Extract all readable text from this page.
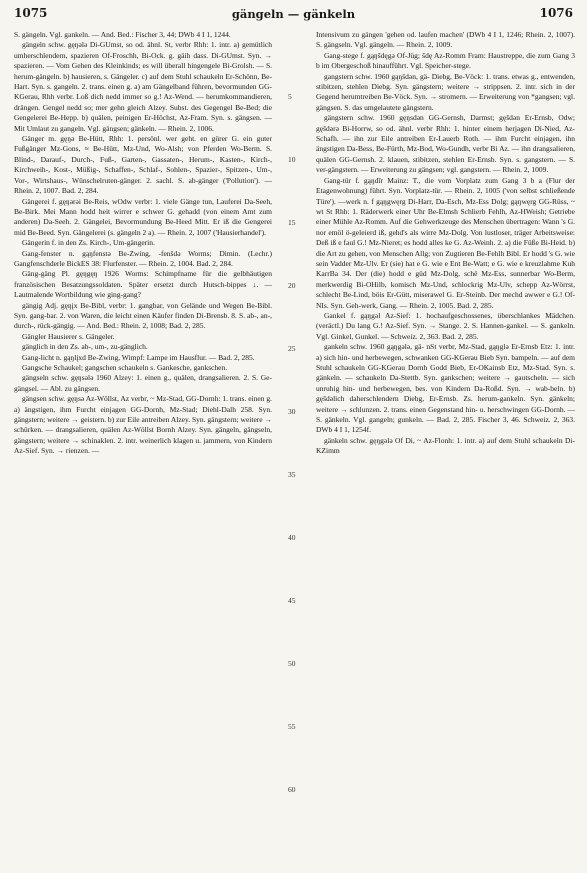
1075	gängeln — gänkeln	1076

S. gängeln. Vgl. gankeln. — And. Bed.: Fischer 3, 44; DWb 4 I 1, 1244.

gängeln schw. gęŋǝlǝ Di-GUmst, so od. ähnl. St, verbr Rhh: 1. intr. a) gemütlich umherschlendern, spazieren Of-Froschh, Bi-Ock. g. gäih dass. Di-GUmst. Syn. → spazieren. — Vom Gehen des Kleinkinds; es will überall hingengele Bi-Grolsh. — S. herum-gängeln. b) hausieren, s. Gängeler. c) auf dem Stuhl schaukeln Er-Schönn, Be-Hart. Syn. s. gangeln. 2. trans. einen g. a) am Gängelband führen, bevormunden GG-KGerau, Rhh verbr. Loß dich nedd immer so g.! Az-Wend. — herumkommandieren, drängen. Gengel nedd so; mer gehn gleich Alzey. Subst. des Gegengel Be-Bed; die Gengelerei Be-Hepp. b) quälen, peinigen Er-Höchst, Az-Fram. Syn. s. gängsen. — Mit Umlaut zu gangeln. Vgl. gängsen; gänkeln. — Rhein. 2, 1006.

Gänger m. gęŋǝ Be-Hütt, Rhh: 1. persönl. wer geht. en gürer G. ein guter Fußgänger Mz-Gons, ≈ Be-Hütt, Mz-Und, Wo-Alsh; von Pferden Wo-Berm. S. Blind-, Darauf-, Durch-, Fuß-, Garten-, Gassaten-, Herum-, Kasten-, Kirch-, Kirchweih-, Kost-, Müßig-, Schaffen-, Schlaf-, Sohlen-, Spazier-, Spitzen-, Um-, Vor-, Wirtshaus-, Wünschelruten-gänger. 2. sachl. S. ab-gänger ('Pollution'). — Rhein. 2, 1007. Bad. 2, 284.

Gängerei f. gęŋǝrǝi Be-Reis, wOdw verbr: 1. viele Gänge tun, Lauferei Da-Seeh, Be-Birk. Mei Mann hodd heit wirrer e schwer G. gehadd (von einem Amt zum anderen) Da-Seeh. 2. Gängelei, Bevormundung Be-Heed Mitt. Er iß die Gengerei mid Be-Beed. Syn. Gängelerei (s. gängeln 2 a). — Rhein. 2, 1007 ('Hausierhandel').

Gängerin f. in den Zs. Kirch-, Um-gängerin.

Gang-fenster n. gąŋfenstǝ Be-Zwing, -fenšdǝ Worms; Dimin. (Lechr.) Gangfenschderle BickES 38: Flurfenster. — Rhein. 2, 1004. Bad. 2, 284.

Gäng-gäng Pl. gęŋgęŋ 1926 Worms: Schimpfname für die gelbhäutigen französischen Besatzungssoldaten. Später ersetzt durch Hutsch-bippes ↓. — Lautmalende Wortbildung wie ging-gang?

gängig Adj. gęŋįx Be-Bibl, verbr: 1. gangbar, von Gelände und Wegen Be-Bibl. Syn. gang-bar. 2. von Waren, die leicht einen Käufer finden Di-Brensb. 8. S. ab-, an-, durch-, rück-gängig. — And. Bed.: Rhein. 2, 1008; Bad. 2, 285.

Gängler Hausierer s. Gängeler.

gänglich in den Zs. ab-, um-, zu-gänglich.

Gang-licht n. gąŋlįxd Be-Zwing, Wimpf: Lampe im Hausflur. — Bad. 2, 285.

Gangsche Schaukel; gangschen schaukeln s. Gankesche, gankschen.

gängseln schw. gęŋsǝlǝ 1960 Alzey: 1. einen g., quälen, drangsalieren. 2. S. Ge-gängsel. — Abl. zu gängsen.

gängsen schw. gęŋsǝ Az-Wöllst, Az verbr, ~ Mz-Stad, GG-Dornh: 1. trans. einen g. a) ängstigen, ihm Furcht einjagen GG-Dornh, Mz-Stad; Diehl-Dalh 258. Syn. gängstern; weitere → geistern. b) zur Eile antreiben Alzey. Syn. gängstern; weitere → schürken. — drangsalieren, quälen Az-Wöllst Bornh Alzey. Syn. gängeln, gängseln, gängstern; weitere → schinaklen. 2. intr. weinerlich klagen u. jammern, von Kindern Az-Sief. Syn. → rienzen. —

5
10
15
20
25
30
35
40
45
50
55
60

Intensivum zu gängen 'gehen od. laufen machen' (DWb 4 I 1, 1246; Rhein. 2, 1007). S. gängseln. Vgl. gängeln. — Rhein. 2, 1009.

Gang-stege f. gąŋšdęgǝ Of-Jüg; šdę Az-Romm Fram: Haustreppe, die zum Gang 3 b im Obergeschoß hinaufführt. Vgl. Speicher-stege.

gangstern schw. 1960 gąŋšdǝn, gä- Diebg, Be-Vöck: 1. trans. etwas g., entwenden, stibitzen, stehlen Diebg. Syn. gängstern; weitere → strippsen. 2. intr. sich in der Gegend herumtreiben Be-Vöck. Syn. → stromern. — Erweiterung von *gangsen; vgl. gängsen. S. das umgelautete gängstern.

gängstern schw. 1960 gęŋsdǝn GG-Gernsh, Darmst; gęšdǝn Er-Ernsb, Odw; gęšdǝrǝ Bi-Horrw, so od. ähnl. verbr Rhh: 1. hinter einem herjagen Di-Nied, Az-Schafh. — ihn zur Eile antreiben Er-Lauerb Roth. — ihm Furcht einjagen, ihn ängstigen Da-Bess, Be-Fürth, Mz-Bod, Wo-Gundh, verbr Bi Az. — ihn drangsalieren, quälen GG-Gernsh. 2. klauen, stibitzen, stehlen Er-Ernsb. Syn. s. gangstern. — S. ver-gängstern. — Erweiterung zu gängsen; vgl. gangstern. — Rhein. 2, 1009.

Gang-tür f. gąŋdīr Mainz: T., die vom Vorplatz zum Gang 3 b a (Flur der Etagenwohnung) führt. Syn. Vorplatz-tür. — Rhein. 2, 1005 ('von selbst schließende Türe'). —werk n. f gąŋgwęrg Di-Harr, Da-Esch, Mz-Ess Dolg; gąŋwęrg GG-Rüss, ~ wt St Rhh: 1. Räderwerk einer Uhr Be-Elmsh Schlierb Fehlh, Az-HWeish; Getriebe einer Mühle Az-Romm. Auf die Gehwerkzeuge des Menschen übertragen: Wann 's G. nor emöl ö-geleierd iß, gehd's als wirre Mz-Dolg. Von lustloser, träger Arbeitsweise: Deß iß e faul G.! Mz-Nieret; es hodd alles ke G. Az-Weinh. 2. a) die Füße Bi-Heid. b) die Art zu gehen, von Menschen Allg; von Zugtieren Be-Fehlh Bibl. Er hodd 's G. wie sein Vadder Mz-Ulv. Er (sie) hat e G. wie e Ent Be-Watt; e G. wie e kreuzlahme Kuh KarrBa 34. Der (die) hodd e güd Mz-Dolg, schë Mz-Ess, sunnerbar Wo-Berm, merkwerdig Bi-OHilb, komisch Mz-Und, schlockrig Mz-Ulv, schepp Az-Wörrst, schlecht Be-Lind, böis Er-Gütt, miserawel G. Er-Steinb. Der mechd awwer e G.! Of-NIs. Syn. Geh-werk, Gang. — Rhein. 2, 1005. Bad. 2, 285.

Gankel f. gąŋgǝl Az-Sief: 1. hochaufgeschossenes, überschlankes Mädchen. (veräctl.) Du lang G.! Az-Sief. Syn. → Stange. 2. S. Hannen-gankel. — S. gankeln. Vgl. Ginkel, Gunkel. — Schweiz. 2, 363. Bad. 2, 285.

gankeln schw. 1960 gąŋgǝlǝ, gä- nSt verbr, Mz-Stad, gąŋglǝ Er-Ernsb Etz: 1. intr. a) sich hin- und herbewegen, schwanken GG-KGerau Bieb Syn. bampeln. — auf dem Stuhl schaukeln GG-KGerau Dornh Godd Bieb, Er-OKainsb Etz, Mz-Stad. Syn. s. gänkeln. — schaukeln Da-Stettb. Syn. gankschen; weitere → gautscheln. — sich unruhig hin- und herbewegen, bes. von Kindern Da-Roßd. Syn. → wab-beln. b) gęšdǝlich daherschlendern Diebg, Er-Ernsb. Zs. herum-gankeln. Syn. gänkeln; weitere → schlunzen. 2. trans. einen Gegenstand hin- u. herschwingen GG-Dornh. — S. gänkeln. Vgl. gangeln; gunkeln. — Bad. 2, 285. Fischer 3, 46. Schweiz. 2, 363. DWb 4 I 1, 1254f.

gänkeln schw. gęŋgǝlǝ Of Di, ~ Az-Flonh: 1. intr. a) auf dem Stuhl schaukeln Di-KZimm
